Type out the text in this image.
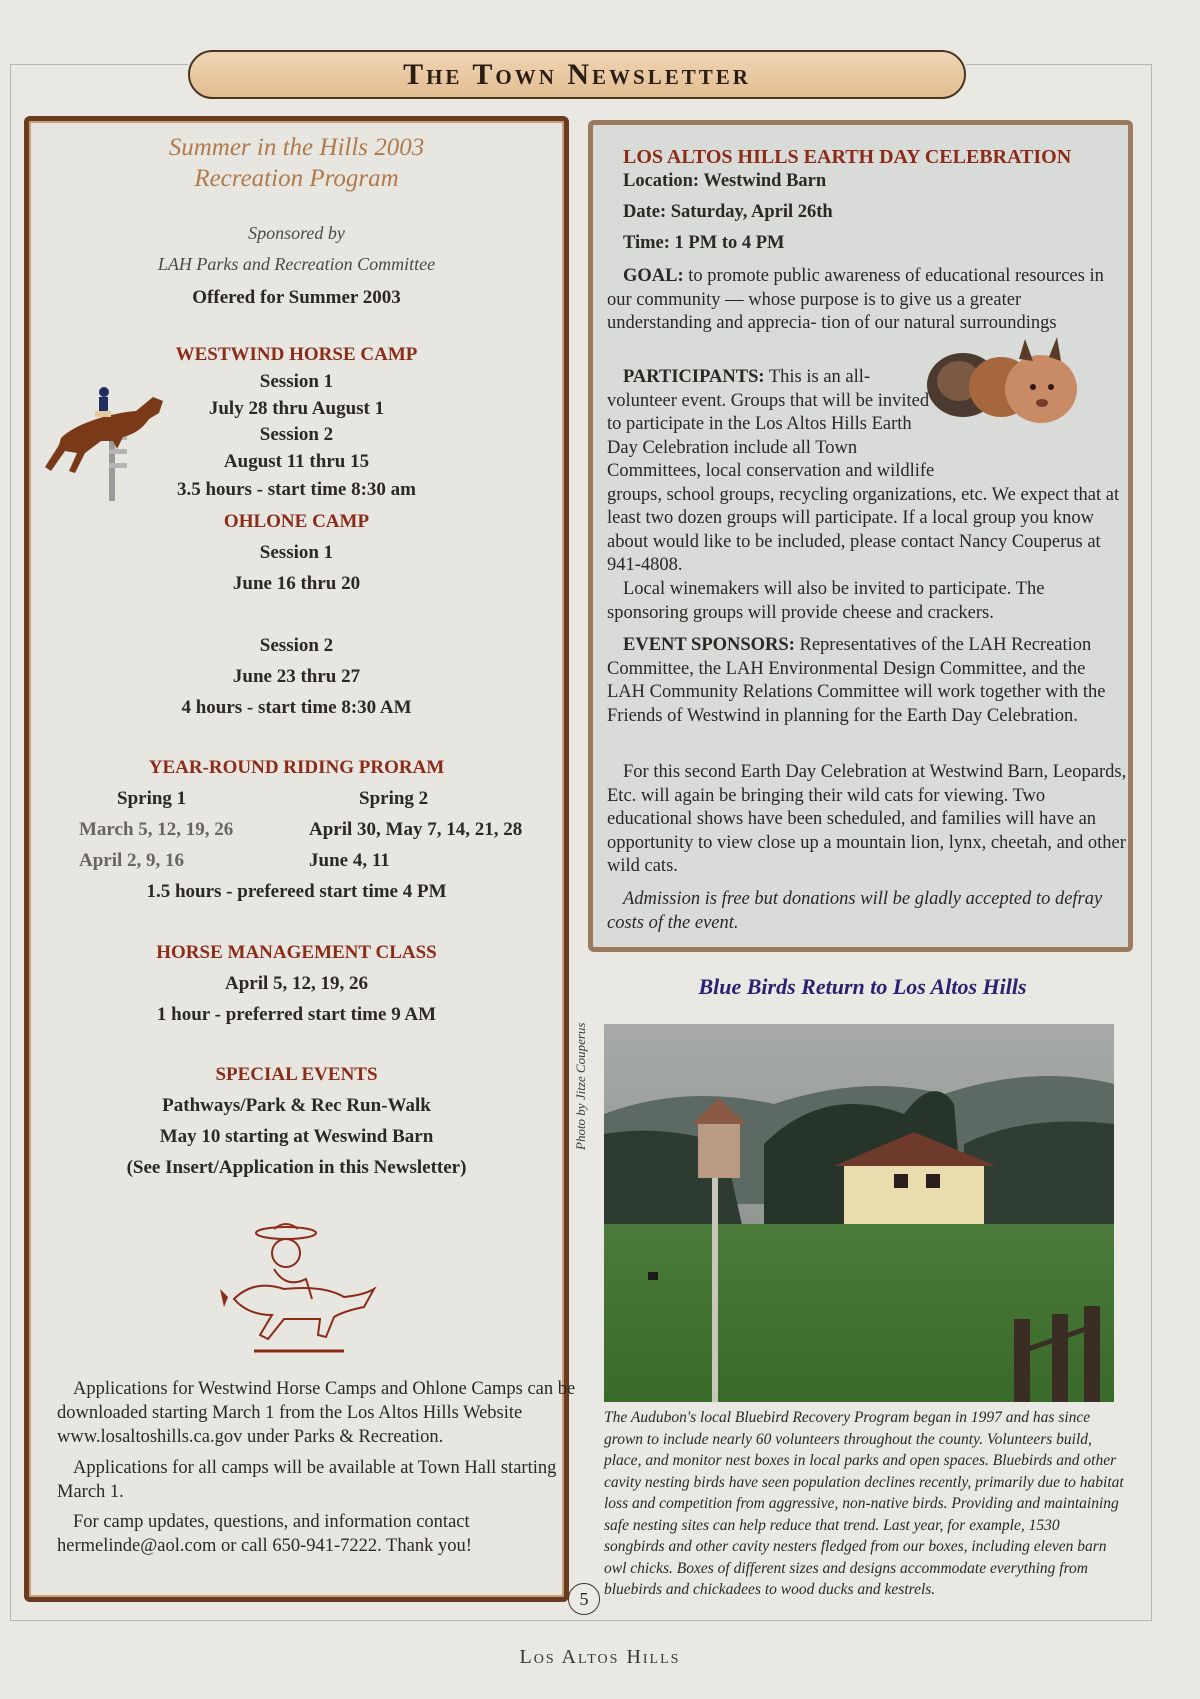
The Town Newsletter
Summer in the Hills 2003
Recreation Program
Sponsored by
LAH Parks and Recreation Committee
Offered for Summer 2003
WESTWIND HORSE CAMP
Session 1
July 28 thru August 1
Session 2
August 11 thru 15
3.5 hours - start time 8:30 am
OHLONE CAMP
Session 1
June 16 thru 20
Session 2
June 23 thru 27
4 hours - start time 8:30 AM
YEAR-ROUND RIDING PRORAM
Spring 1	Spring 2
March 5, 12, 19, 26	April 30, May 7, 14, 21, 28
April 2, 9, 16	June 4, 11
1.5 hours - prefereed start time 4 PM
HORSE MANAGEMENT CLASS
April 5, 12, 19, 26
1 hour - preferred start time 9 AM
SPECIAL EVENTS
Pathways/Park & Rec Run-Walk
May 10 starting at Weswind Barn
(See Insert/Application in this Newsletter)
Applications for Westwind Horse Camps and Ohlone Camps can be downloaded starting March 1 from the Los Altos Hills Website www.losaltoshills.ca.gov under Parks & Recreation.
Applications for all camps will be available at Town Hall starting March 1.
For camp updates, questions, and information contact hermelinde@aol.com or call 650-941-7222. Thank you!
LOS ALTOS HILLS EARTH DAY CELEBRATION
Location: Westwind Barn
Date: Saturday, April 26th
Time: 1 PM to 4 PM
GOAL: to promote public awareness of educational resources in our community — whose purpose is to give us a greater understanding and apprecia- tion of our natural surroundings
PARTICIPANTS: This is an all-volunteer event. Groups that will be invited to participate in the Los Altos Hills Earth Day Celebration include all Town Committees, local conservation and wildlife groups, school groups, recycling organizations, etc. We expect that at least two dozen groups will participate. If a local group you know about would like to be included, please contact Nancy Couperus at 941-4808.
Local winemakers will also be invited to participate. The sponsoring groups will provide cheese and crackers.
EVENT SPONSORS: Representatives of the LAH Recreation Committee, the LAH Environmental Design Committee, and the LAH Community Relations Committee will work together with the Friends of Westwind in planning for the Earth Day Celebration.
For this second Earth Day Celebration at Westwind Barn, Leopards, Etc. will again be bringing their wild cats for viewing. Two educational shows have been scheduled, and families will have an opportunity to view close up a mountain lion, lynx, cheetah, and other wild cats.
Admission is free but donations will be gladly accepted to defray costs of the event.
Blue Birds Return to Los Altos Hills
Photo by Jitze Couperus
The Audubon's local Bluebird Recovery Program began in 1997 and has since grown to include nearly 60 volunteers throughout the county. Volunteers build, place, and monitor nest boxes in local parks and open spaces. Bluebirds and other cavity nesting birds have seen population declines recently, primarily due to habitat loss and competition from aggressive, non-native birds. Providing and maintaining safe nesting sites can help reduce that trend. Last year, for example, 1530 songbirds and other cavity nesters fledged from our boxes, including eleven barn owl chicks. Boxes of different sizes and designs accommodate everything from bluebirds and chickadees to wood ducks and kestrels.
5
Los Altos Hills
